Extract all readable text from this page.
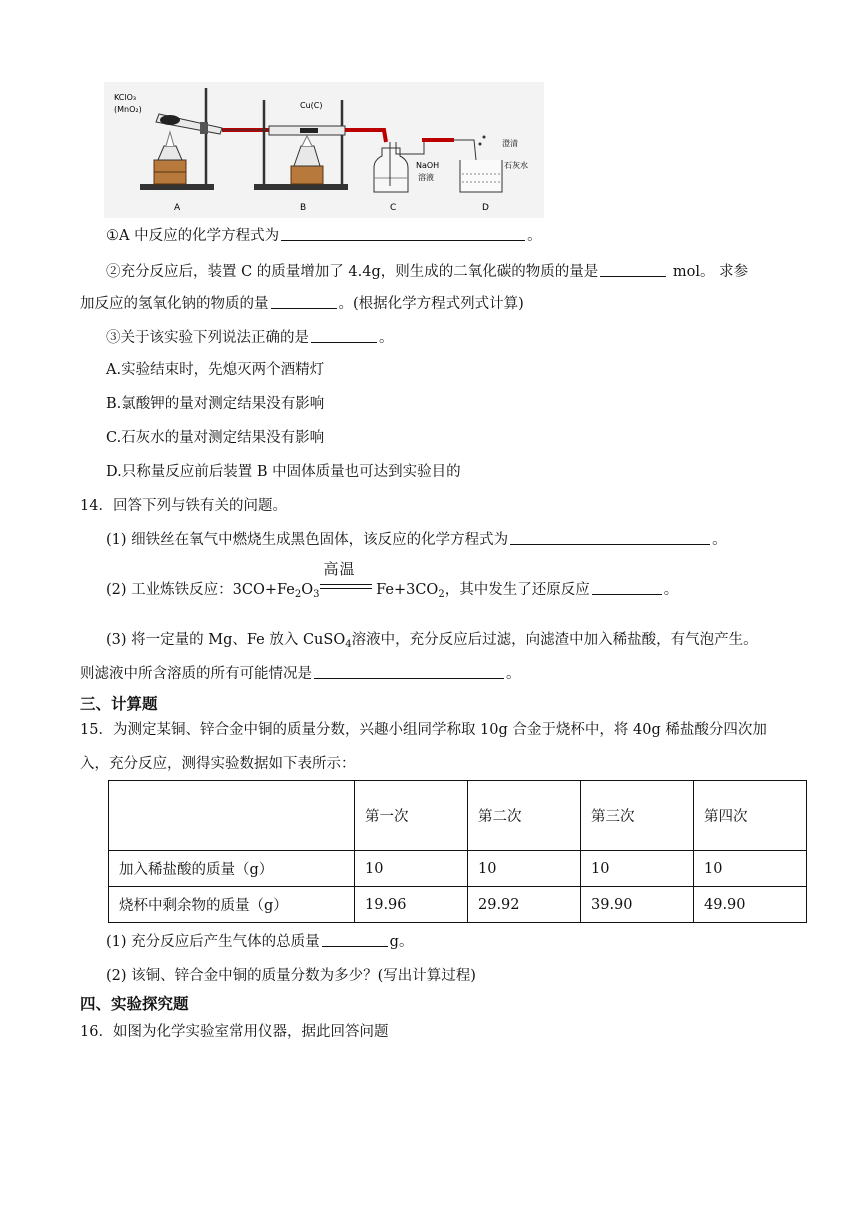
KClO₃
(MnO₂)	Cu(C)
NaOH
溶液
澄清
石灰水
A	B	C	D
①A 中反应的化学方程式为	。
②充分反应后，装置 C 的质量增加了 4.4g，则生成的二氧化碳的物质的量是	mol。 求参
加反应的氢氧化钠的物质的量	。(根据化学方程式列式计算)
③关于该实验下列说法正确的是	。
A.实验结束时，先熄灭两个酒精灯
B.氯酸钾的量对测定结果没有影响
C.石灰水的量对测定结果没有影响
D.只称量反应前后装置 B 中固体质量也可达到实验目的
14．回答下列与铁有关的问题。
(1) 细铁丝在氧气中燃烧生成黑色固体，该反应的化学方程式为	。
(2) 工业炼铁反应：$3CO+Fe_2O_3$
高温
$Fe+3CO_2$，其中发生了还原反应	。
(3) 将一定量的 Mg、Fe 放入 CuSO$_4$溶液中，充分反应后过滤，向滤渣中加入稀盐酸，有气泡产生。
则滤液中所含溶质的所有可能情况是	。
三、计算题
15．为测定某铜、锌合金中铜的质量分数，兴趣小组同学称取 10g 合金于烧杯中，将 40g 稀盐酸分四次加
入，充分反应，测得实验数据如下表所示：
	第一次	第二次	第三次	第四次
加入稀盐酸的质量（g）	10	10	10	10
烧杯中剩余物的质量（g）	19.96	29.92	39.90	49.90
(1) 充分反应后产生气体的总质量	g。
(2) 该铜、锌合金中铜的质量分数为多少？(写出计算过程)
四、实验探究题
16．如图为化学实验室常用仪器，据此回答问题
